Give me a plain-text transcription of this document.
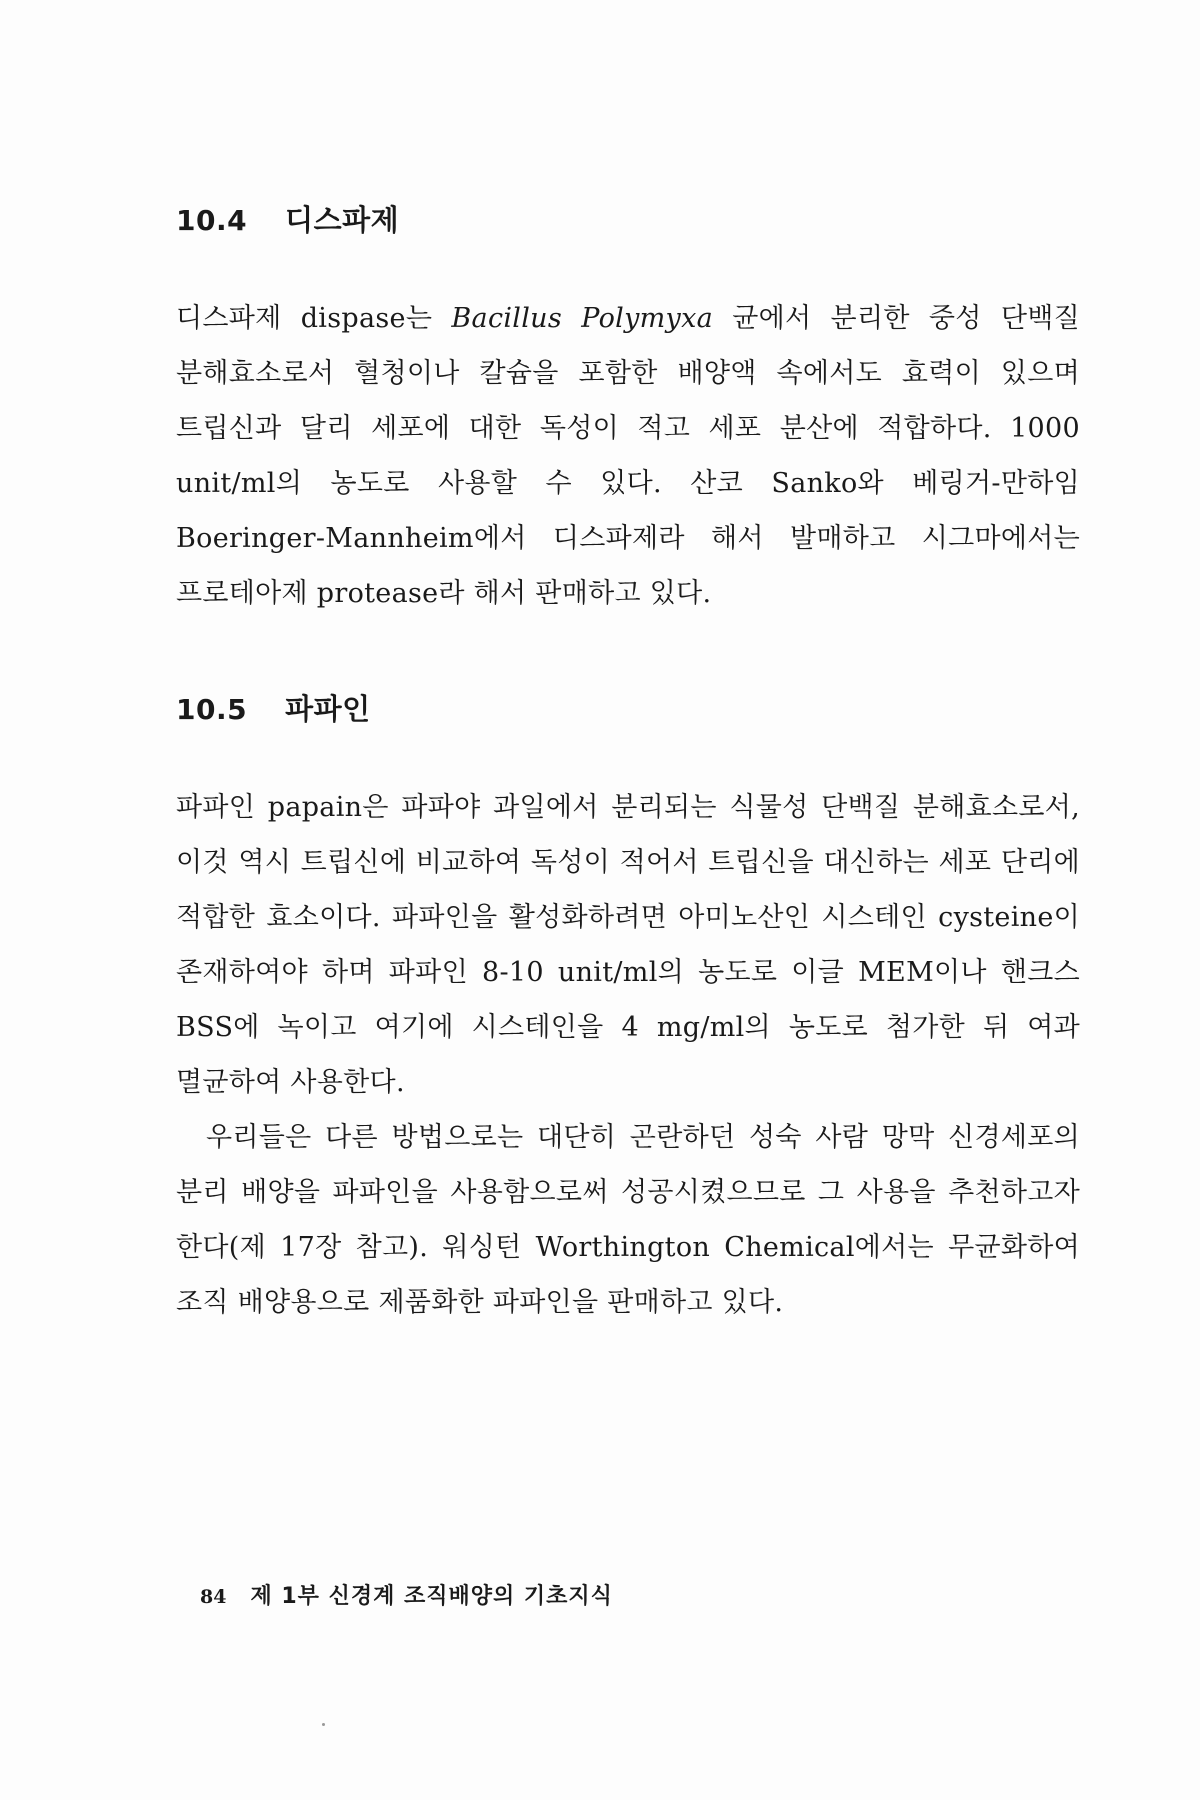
10.4 디스파제

디스파제 dispase는 Bacillus Polymyxa 균에서 분리한 중성 단백질 분해효소로서 혈청이나 칼슘을 포함한 배양액 속에서도 효력이 있으며 트립신과 달리 세포에 대한 독성이 적고 세포 분산에 적합하다. 1000 unit/ml의 농도로 사용할 수 있다. 산코 Sanko와 베링거-만하임 Boeringer-Mannheim에서 디스파제라 해서 발매하고 시그마에서는 프로테아제 protease라 해서 판매하고 있다.

10.5 파파인

파파인 papain은 파파야 과일에서 분리되는 식물성 단백질 분해효소로서, 이것 역시 트립신에 비교하여 독성이 적어서 트립신을 대신하는 세포 단리에 적합한 효소이다. 파파인을 활성화하려면 아미노산인 시스테인 cysteine이 존재하여야 하며 파파인 8-10 unit/ml의 농도로 이글 MEM이나 핸크스 BSS에 녹이고 여기에 시스테인을 4 mg/ml의 농도로 첨가한 뒤 여과 멸균하여 사용한다.

우리들은 다른 방법으로는 대단히 곤란하던 성숙 사람 망막 신경세포의 분리 배양을 파파인을 사용함으로써 성공시켰으므로 그 사용을 추천하고자 한다(제 17장 참고). 워싱턴 Worthington Chemical에서는 무균화하여 조직 배양용으로 제품화한 파파인을 판매하고 있다.

84 제 1부 신경계 조직배양의 기초지식
